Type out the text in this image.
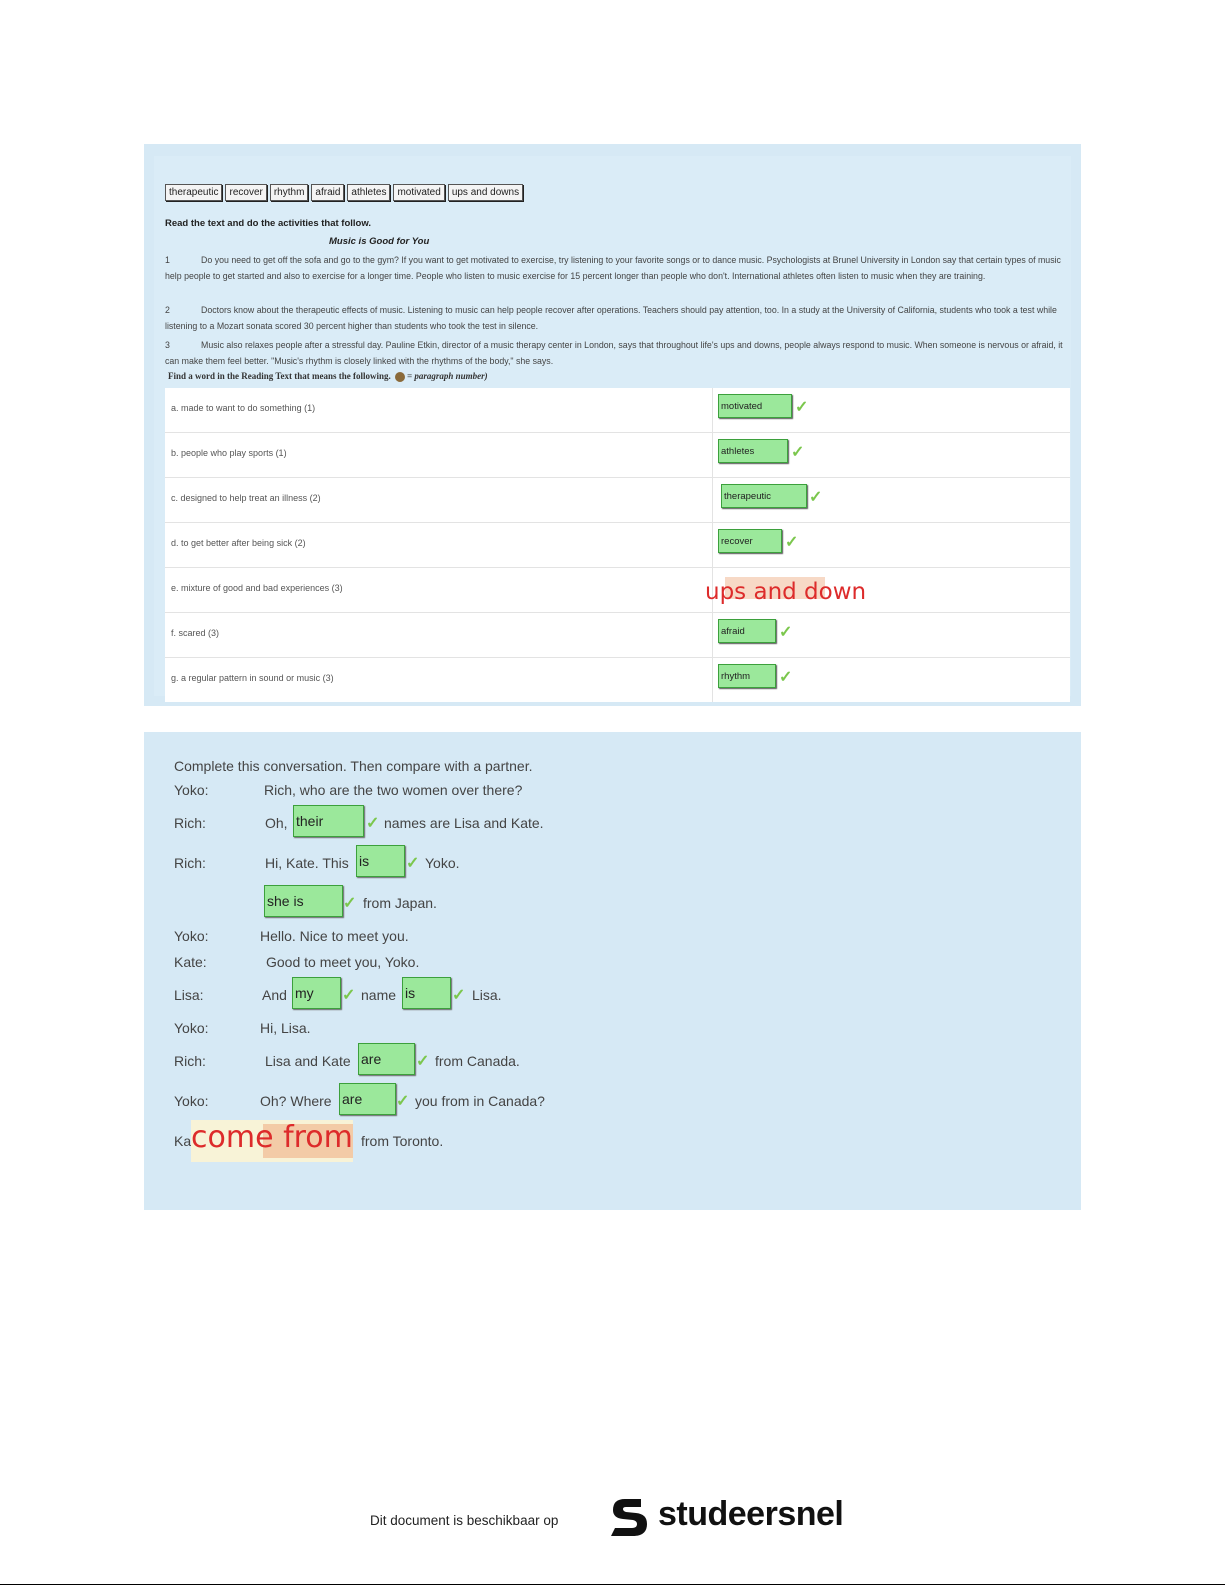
therapeutic	recover	rhythm	afraid	athletes	motivated	ups and downs
Read the text and do the activities that follow.
Music is Good for You
1	Do you need to get off the sofa and go to the gym? If you want to get motivated to exercise, try listening to your favorite songs or to dance music. Psychologists at Brunel University in London say that certain types of music help people to get started and also to exercise for a longer time. People who listen to music exercise for 15 percent longer than people who don't. International athletes often listen to music when they are training.
2	Doctors know about the therapeutic effects of music. Listening to music can help people recover after operations. Teachers should pay attention, too. In a study at the University of California, students who took a test while listening to a Mozart sonata scored 30 percent higher than students who took the test in silence.
3	Music also relaxes people after a stressful day. Pauline Etkin, director of a music therapy center in London, says that throughout life's ups and downs, people always respond to music. When someone is nervous or afraid, it can make them feel better. "Music's rhythm is closely linked with the rhythms of the body," she says.
Find a word in the Reading Text that means the following. = paragraph number)
a. made to want to do something (1)	motivated	✓
b. people who play sports (1)	athletes	✓
c. designed to help treat an illness (2)	therapeutic	✓
d. to get better after being sick (2)	recover	✓
e. mixture of good and bad experiences (3)	ups and down
f. scared (3)	afraid	✓
g. a regular pattern in sound or music (3)	rhythm	✓
Complete this conversation. Then compare with a partner.
Yoko:	Rich, who are the two women over there?
Rich:	Oh, their	✓ names are Lisa and Kate.
Rich:	Hi, Kate. This is	✓ Yoko.
she is	✓ from Japan.
Yoko:	Hello. Nice to meet you.
Kate:	Good to meet you, Yoko.
Lisa:	And my	✓ name is	✓ Lisa.
Yoko:	Hi, Lisa.
Rich:	Lisa and Kate are	✓ from Canada.
Yoko:	Oh? Where are	✓ you from in Canada?
Ka come from from Toronto.
Dit document is beschikbaar op	studeersnel
